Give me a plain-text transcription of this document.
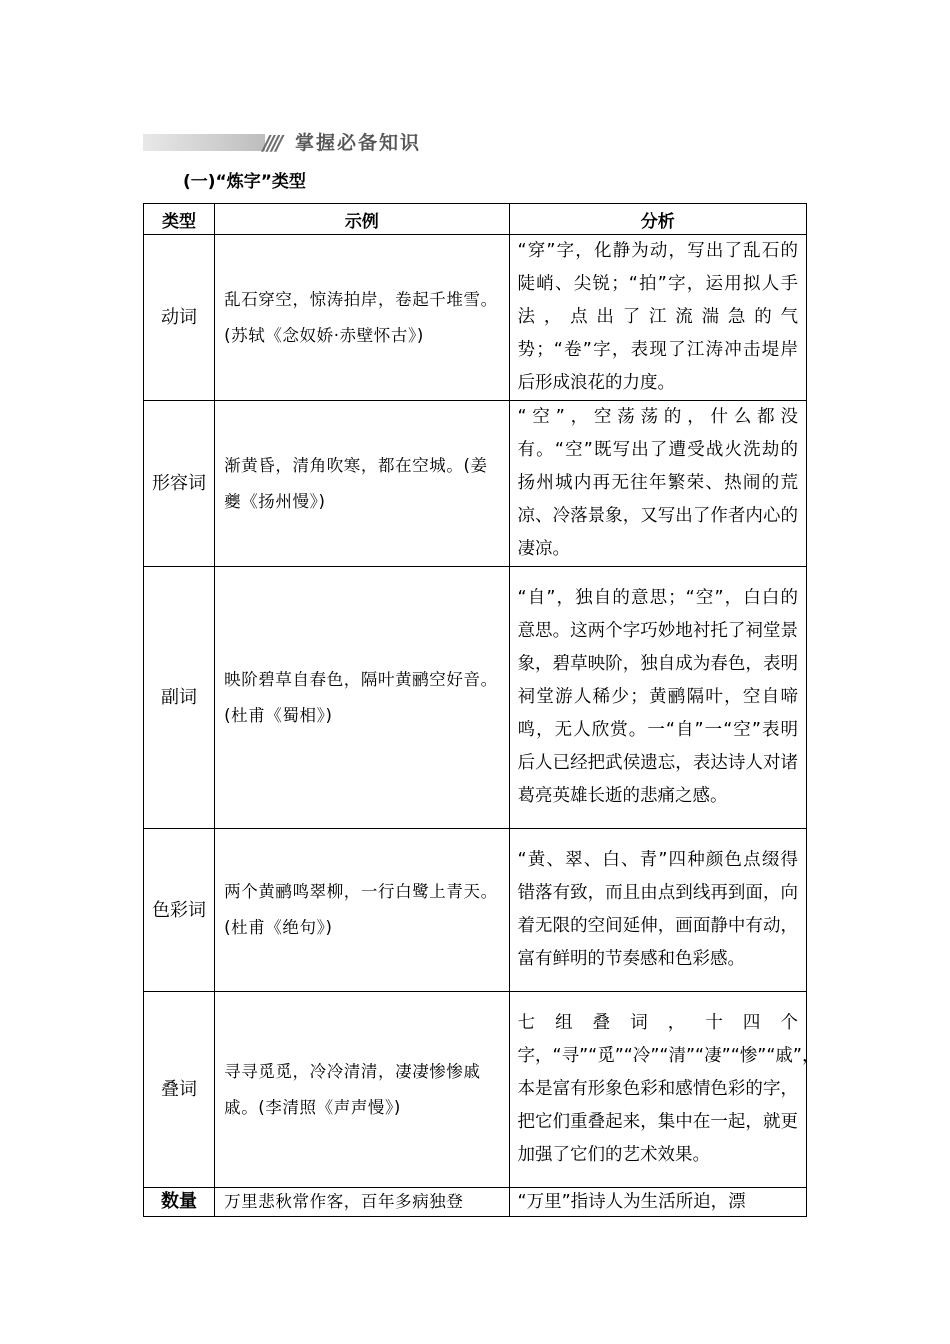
//// 掌握必备知识
(一)“炼字”类型
类型	示例	分析
动词	乱石穿空，惊涛拍岸，卷起千堆雪。(苏轼《念奴娇·赤壁怀古》)	“穿”字，化静为动，写出了乱石的陡峭、尖锐；“拍”字，运用拟人手法，点出了江流湍急的气势；“卷”字，表现了江涛冲击堤岸后形成浪花的力度。
形容词	渐黄昏，清角吹寒，都在空城。(姜夔《扬州慢》)	“空”，空荡荡的，什么都没有。“空”既写出了遭受战火洗劫的扬州城内再无往年繁荣、热闹的荒凉、冷落景象，又写出了作者内心的凄凉。
副词	映阶碧草自春色，隔叶黄鹂空好音。(杜甫《蜀相》)	“自”，独自的意思；“空”，白白的意思。这两个字巧妙地衬托了祠堂景象，碧草映阶，独自成为春色，表明祠堂游人稀少；黄鹂隔叶，空自啼鸣，无人欣赏。一“自”一“空”表明后人已经把武侯遗忘，表达诗人对诸葛亮英雄长逝的悲痛之感。
色彩词	两个黄鹂鸣翠柳，一行白鹭上青天。(杜甫《绝句》)	“黄、翠、白、青”四种颜色点缀得错落有致，而且由点到线再到面，向着无限的空间延伸，画面静中有动，富有鲜明的节奏感和色彩感。
叠词	寻寻觅觅，冷冷清清，凄凄惨惨戚戚。(李清照《声声慢》)	七组叠词，十四个字，“寻”“觅”“冷”“清”“凄”“惨”“戚”，本是富有形象色彩和感情色彩的字，把它们重叠起来，集中在一起，就更加强了它们的艺术效果。
数量	万里悲秋常作客，百年多病独登	“万里”指诗人为生活所迫，漂
